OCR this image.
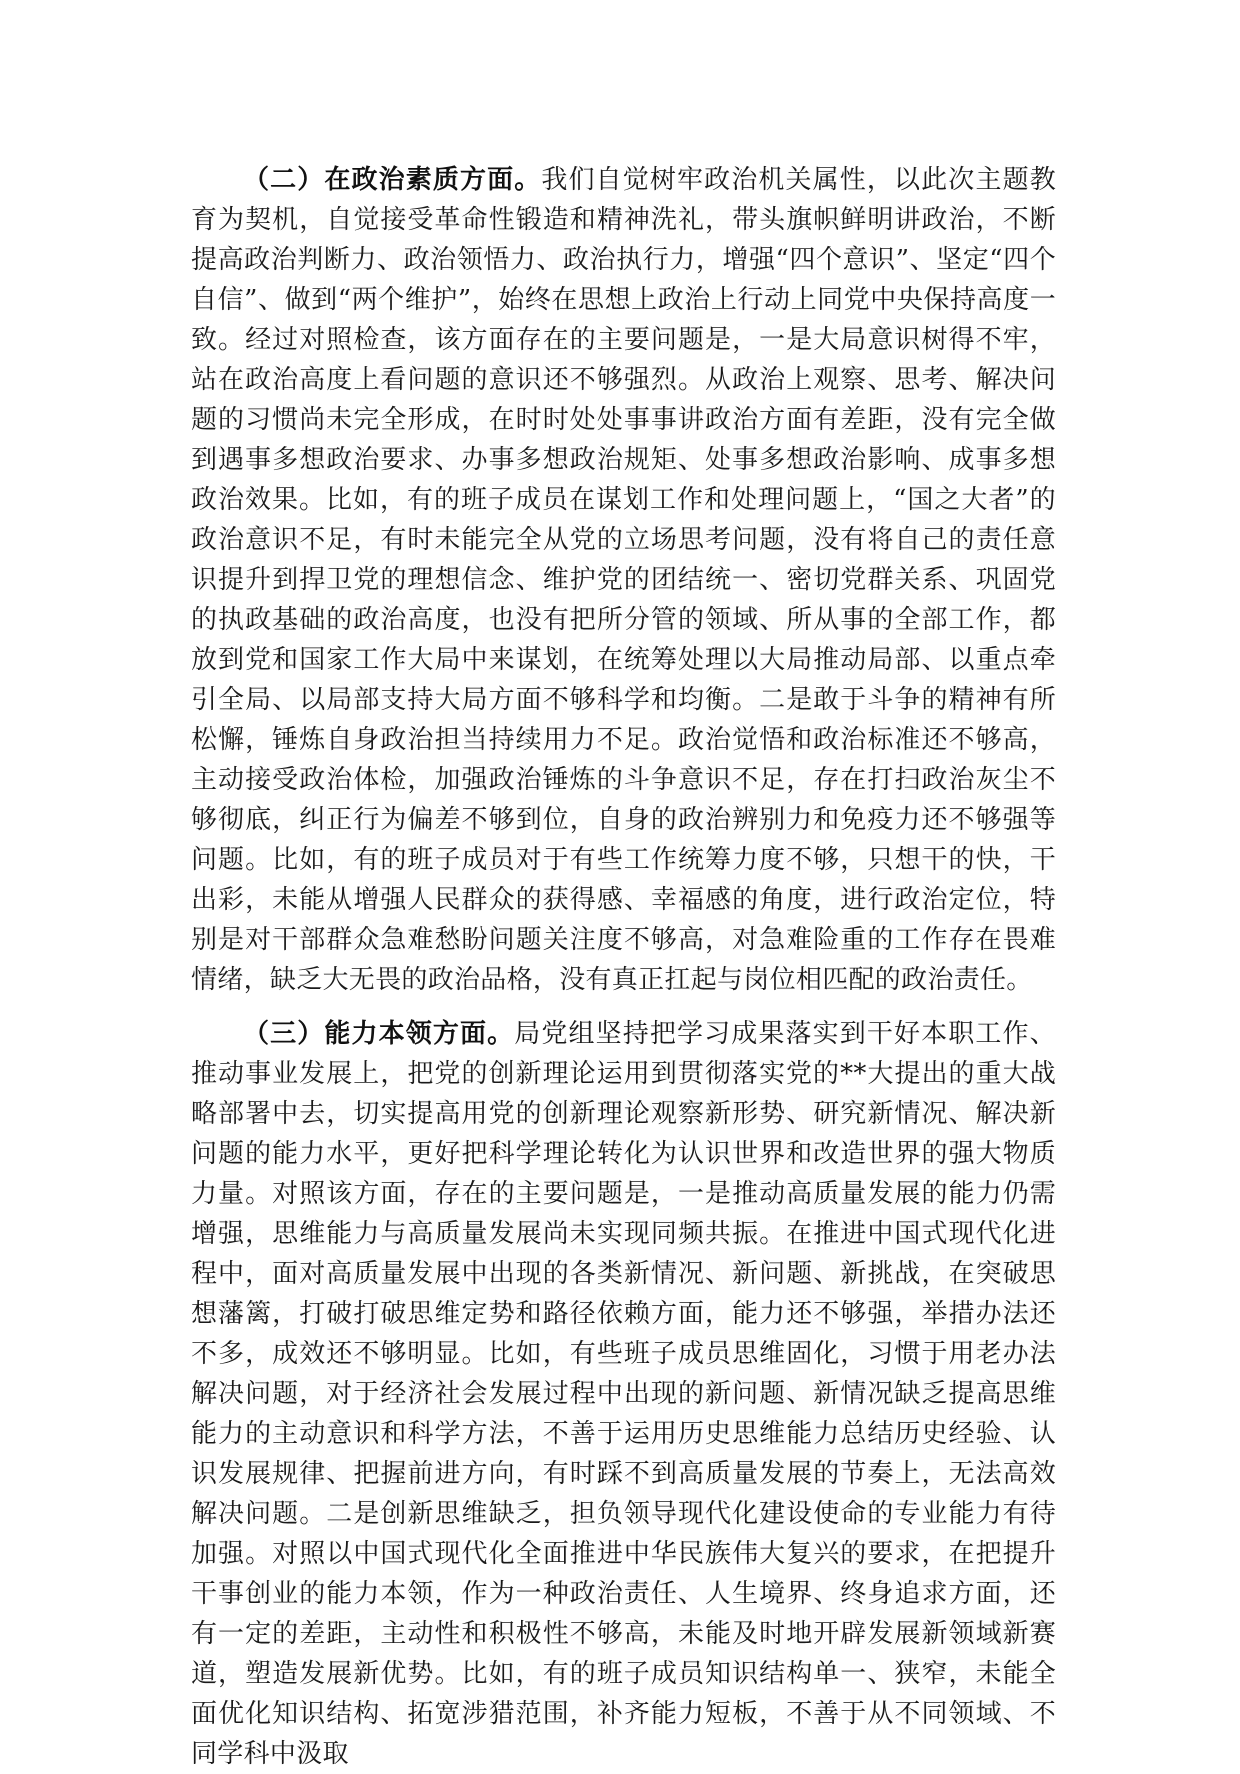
（二）在政治素质方面。我们自觉树牢政治机关属性，以此次主题教育为契机，自觉接受革命性锻造和精神洗礼，带头旗帜鲜明讲政治，不断提高政治判断力、政治领悟力、政治执行力，增强“四个意识”、坚定“四个自信”、做到“两个维护”，始终在思想上政治上行动上同党中央保持高度一致。经过对照检查，该方面存在的主要问题是，一是大局意识树得不牢，站在政治高度上看问题的意识还不够强烈。从政治上观察、思考、解决问题的习惯尚未完全形成，在时时处处事事讲政治方面有差距，没有完全做到遇事多想政治要求、办事多想政治规矩、处事多想政治影响、成事多想政治效果。比如，有的班子成员在谋划工作和处理问题上，“国之大者”的政治意识不足，有时未能完全从党的立场思考问题，没有将自己的责任意识提升到捍卫党的理想信念、维护党的团结统一、密切党群关系、巩固党的执政基础的政治高度，也没有把所分管的领域、所从事的全部工作，都放到党和国家工作大局中来谋划，在统筹处理以大局推动局部、以重点牵引全局、以局部支持大局方面不够科学和均衡。二是敢于斗争的精神有所松懈，锤炼自身政治担当持续用力不足。政治觉悟和政治标准还不够高，主动接受政治体检，加强政治锤炼的斗争意识不足，存在打扫政治灰尘不够彻底，纠正行为偏差不够到位，自身的政治辨别力和免疫力还不够强等问题。比如，有的班子成员对于有些工作统筹力度不够，只想干的快，干出彩，未能从增强人民群众的获得感、幸福感的角度，进行政治定位，特别是对干部群众急难愁盼问题关注度不够高，对急难险重的工作存在畏难情绪，缺乏大无畏的政治品格，没有真正扛起与岗位相匹配的政治责任。

（三）能力本领方面。局党组坚持把学习成果落实到干好本职工作、推动事业发展上，把党的创新理论运用到贯彻落实党的**大提出的重大战略部署中去，切实提高用党的创新理论观察新形势、研究新情况、解决新问题的能力水平，更好把科学理论转化为认识世界和改造世界的强大物质力量。对照该方面，存在的主要问题是，一是推动高质量发展的能力仍需增强，思维能力与高质量发展尚未实现同频共振。在推进中国式现代化进程中，面对高质量发展中出现的各类新情况、新问题、新挑战，在突破思想藩篱，打破打破思维定势和路径依赖方面，能力还不够强，举措办法还不多，成效还不够明显。比如，有些班子成员思维固化，习惯于用老办法解决问题，对于经济社会发展过程中出现的新问题、新情况缺乏提高思维能力的主动意识和科学方法，不善于运用历史思维能力总结历史经验、认识发展规律、把握前进方向，有时踩不到高质量发展的节奏上，无法高效解决问题。二是创新思维缺乏，担负领导现代化建设使命的专业能力有待加强。对照以中国式现代化全面推进中华民族伟大复兴的要求，在把提升干事创业的能力本领，作为一种政治责任、人生境界、终身追求方面，还有一定的差距，主动性和积极性不够高，未能及时地开辟发展新领域新赛道，塑造发展新优势。比如，有的班子成员知识结构单一、狭窄，未能全面优化知识结构、拓宽涉猎范围，补齐能力短板，不善于从不同领域、不同学科中汲取
